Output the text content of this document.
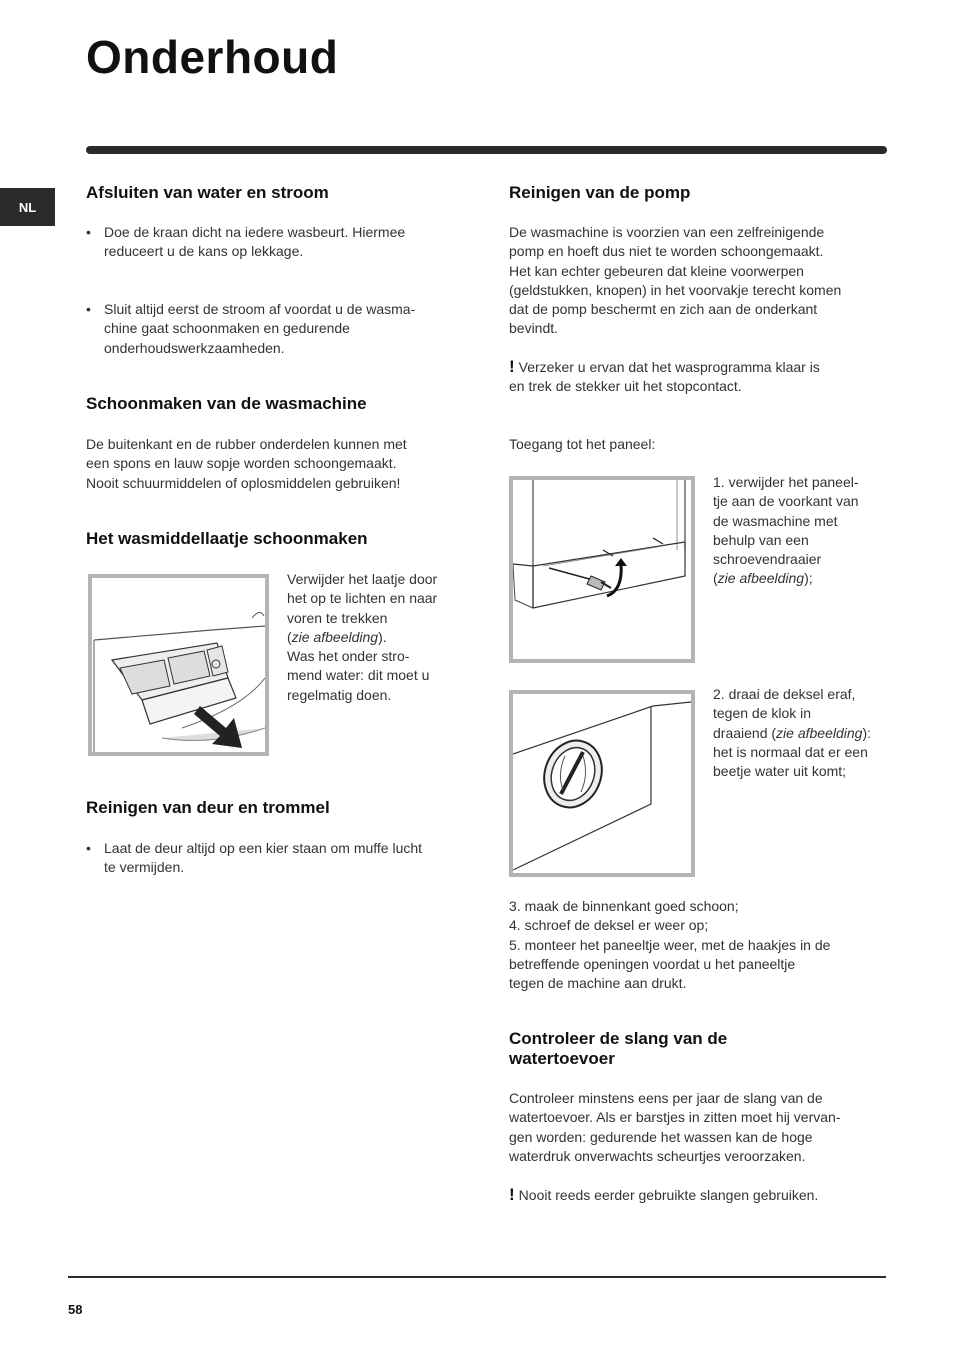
Onderhoud
NL
Afsluiten van water en stroom
• Doe de kraan dicht na iedere wasbeurt. Hiermee
reduceert u de kans op lekkage.
• Sluit altijd eerst de stroom af voordat u de wasma-
chine gaat schoonmaken en gedurende
onderhoudswerkzaamheden.
Schoonmaken van de wasmachine
De buitenkant en de rubber onderdelen kunnen met
een spons en lauw sopje worden schoongemaakt.
Nooit schuurmiddelen of oplosmiddelen gebruiken!
Het wasmiddellaatje schoonmaken
Verwijder het laatje door
het op te lichten en naar
voren te trekken
(zie afbeelding).
Was het onder stro-
mend water: dit moet u
regelmatig doen.
Reinigen van deur en trommel
• Laat de deur altijd op een kier staan om muffe lucht
te vermijden.
Reinigen van de pomp
De wasmachine is voorzien van een zelfreinigende
pomp en hoeft dus niet te worden schoongemaakt.
Het kan echter gebeuren dat kleine voorwerpen
(geldstukken, knopen) in het voorvakje terecht komen
dat de pomp beschermt en zich aan de onderkant
bevindt.
! Verzeker u ervan dat het wasprogramma klaar is
en trek de stekker uit het stopcontact.

Toegang tot het paneel:

1. verwijder het paneel-
tje aan de voorkant van
de wasmachine met
behulp van een
schroevendraaier
(zie afbeelding);
2. draai de deksel eraf,
tegen de klok in
draaiend (zie afbeelding):
het is normaal dat er een
beetje water uit komt;
3. maak de binnenkant goed schoon;
4. schroef de deksel er weer op;
5. monteer het paneeltje weer, met de haakjes in de
betreffende openingen voordat u het paneeltje
tegen de machine aan drukt.
Controleer de slang van de
watertoevoer
Controleer minstens eens per jaar de slang van de
watertoevoer. Als er barstjes in zitten moet hij vervan-
gen worden: gedurende het wassen kan de hoge
waterdruk onverwachts scheurtjes veroorzaken.
! Nooit reeds eerder gebruikte slangen gebruiken.
58
